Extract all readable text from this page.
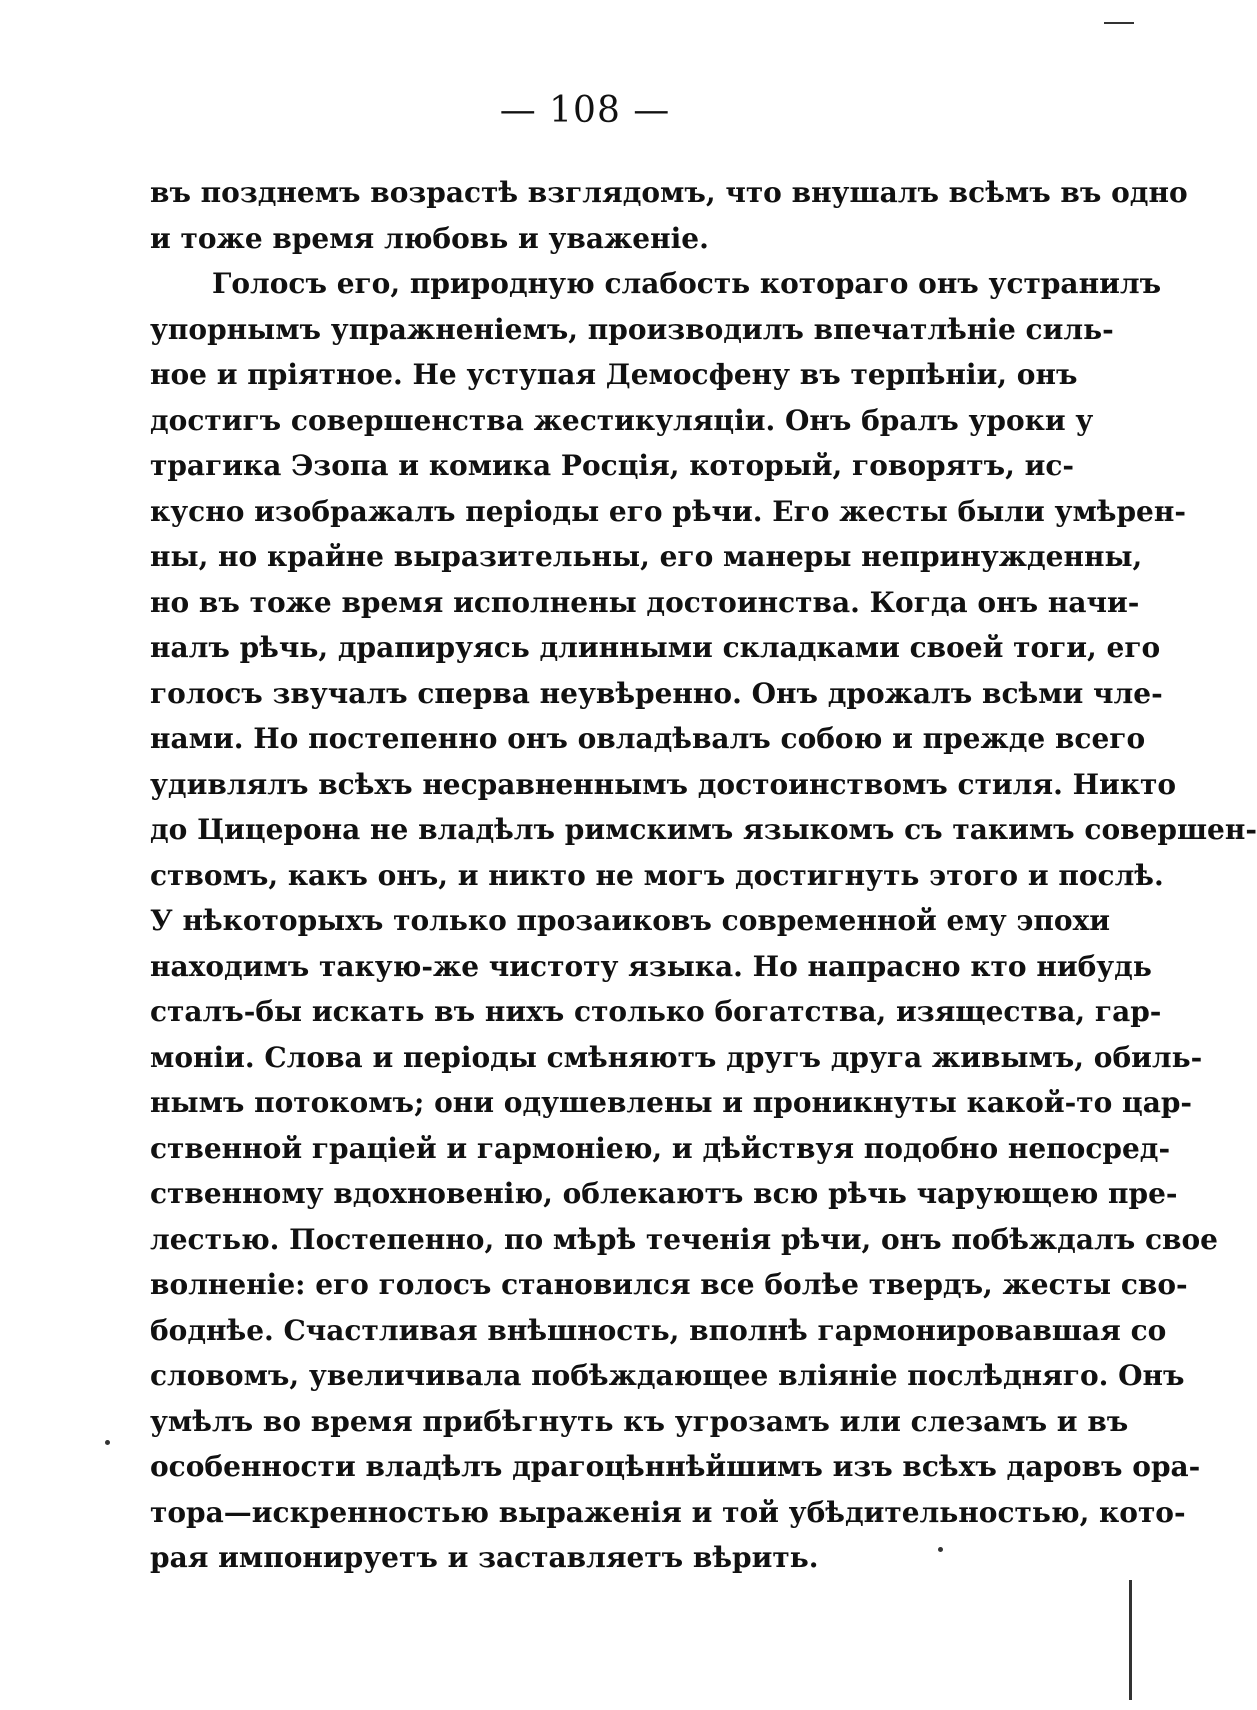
— 108 —
въ позднемъ возрастѣ взглядомъ, что внушалъ всѣмъ въ одно
и тоже время любовь и уваженіе.
Голосъ его, природную слабость котораго онъ устранилъ
упорнымъ упражненіемъ, производилъ впечатлѣніе силь-
ное и пріятное. Не уступая Демосфену въ терпѣніи, онъ
достигъ совершенства жестикуляціи. Онъ бралъ уроки у
трагика Эзопа и комика Росція, который, говорятъ, ис-
кусно изображалъ періоды его рѣчи. Его жесты были умѣрен-
ны, но крайне выразительны, его манеры непринужденны,
но въ тоже время исполнены достоинства. Когда онъ начи-
налъ рѣчь, драпируясь длинными складками своей тоги, его
голосъ звучалъ сперва неувѣренно. Онъ дрожалъ всѣми чле-
нами. Но постепенно онъ овладѣвалъ собою и прежде всего
удивлялъ всѣхъ несравненнымъ достоинствомъ стиля. Никто
до Цицерона не владѣлъ римскимъ языкомъ съ такимъ совершен-
ствомъ, какъ онъ, и никто не могъ достигнуть этого и послѣ.
У нѣкоторыхъ только прозаиковъ современной ему эпохи
находимъ такую-же чистоту языка. Но напрасно кто нибудь
сталъ-бы искать въ нихъ столько богатства, изящества, гар-
моніи. Слова и періоды смѣняютъ другъ друга живымъ, обиль-
нымъ потокомъ; они одушевлены и проникнуты какой-то цар-
ственной граціей и гармоніею, и дѣйствуя подобно непосред-
ственному вдохновенію, облекаютъ всю рѣчь чарующею пре-
лестью. Постепенно, по мѣрѣ теченія рѣчи, онъ побѣждалъ свое
волненіе: его голосъ становился все болѣе твердъ, жесты сво-
боднѣе. Счастливая внѣшность, вполнѣ гармонировавшая со
словомъ, увеличивала побѣждающее вліяніе послѣдняго. Онъ
умѣлъ во время прибѣгнуть къ угрозамъ или слезамъ и въ
особенности владѣлъ драгоцѣннѣйшимъ изъ всѣхъ даровъ ора-
тора—искренностью выраженія и той убѣдительностью, кото-
рая импонируетъ и заставляетъ вѣрить.
